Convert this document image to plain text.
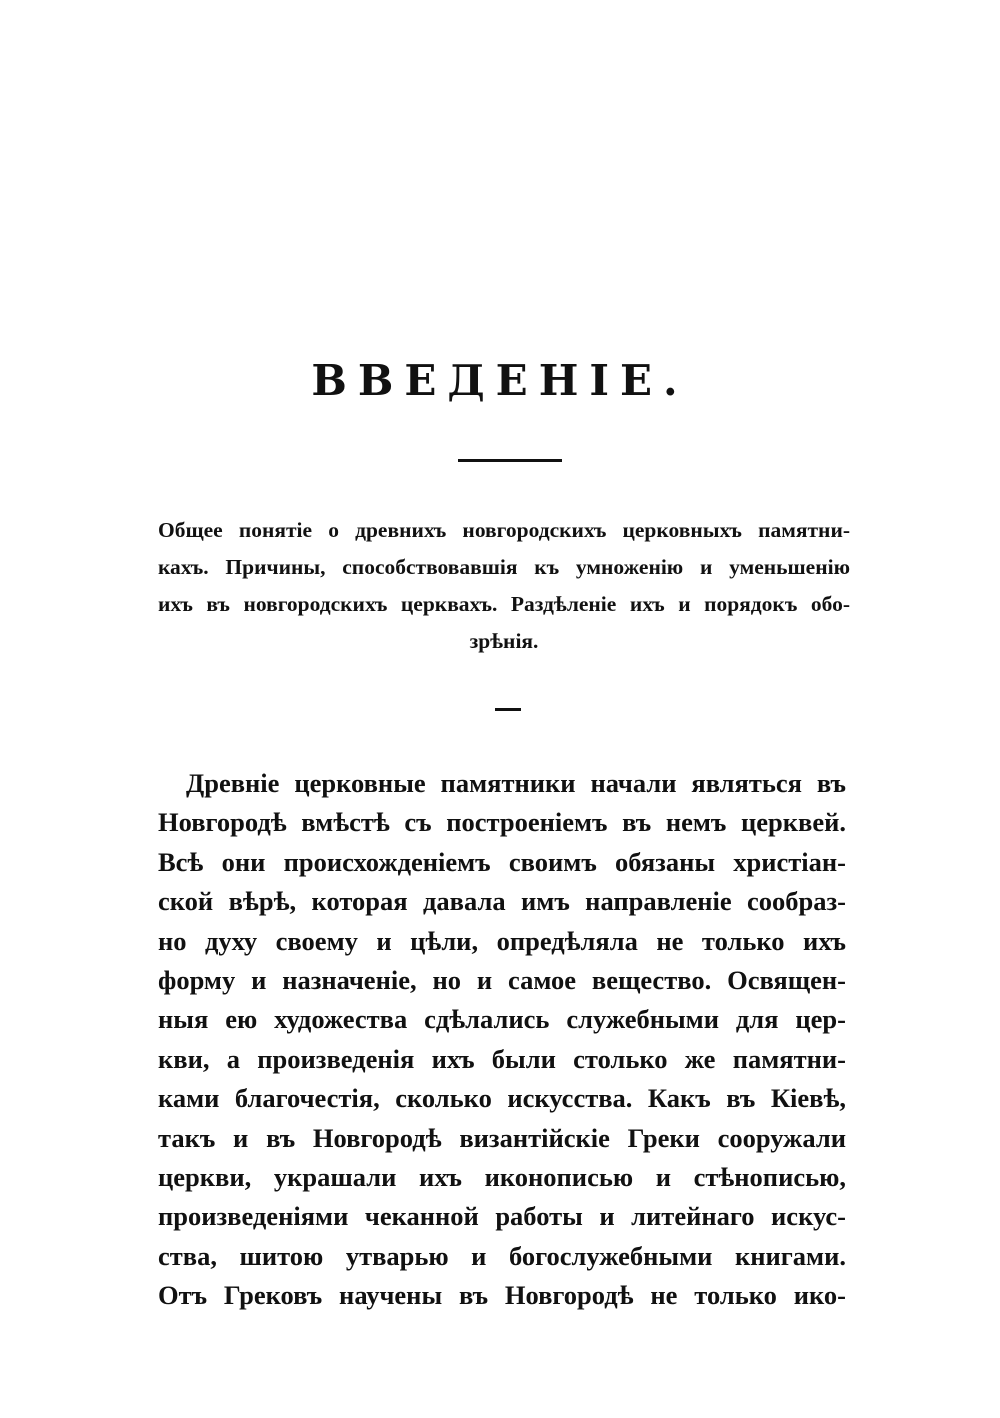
ВВЕДЕНІЕ.
Общее понятіе о древнихъ новгородскихъ церковныхъ памятни-
кахъ. Причины, способствовавшія къ умноженію и уменьшенію
ихъ въ новгородскихъ церквахъ. Раздѣленіе ихъ и порядокъ обо-
зрѣнія.
Древніе церковные памятники начали являться въ
Новгородѣ вмѣстѣ съ построеніемъ въ немъ церквей.
Всѣ они происхожденіемъ своимъ обязаны христіан-
ской вѣрѣ, которая давала имъ направленіе сообраз-
но духу своему и цѣли, опредѣляла не только ихъ
форму и назначеніе, но и самое вещество. Освящен-
ныя ею художества сдѣлались служебными для цер-
кви, а произведенія ихъ были столько же памятни-
ками благочестія, сколько искусства. Какъ въ Кіевѣ,
такъ и въ Новгородѣ византійскіе Греки сооружали
церкви, украшали ихъ иконописью и стѣнописью,
произведеніями чеканной работы и литейнаго искус-
ства, шитою утварью и богослужебными книгами.
Отъ Грековъ научены въ Новгородѣ не только ико-
